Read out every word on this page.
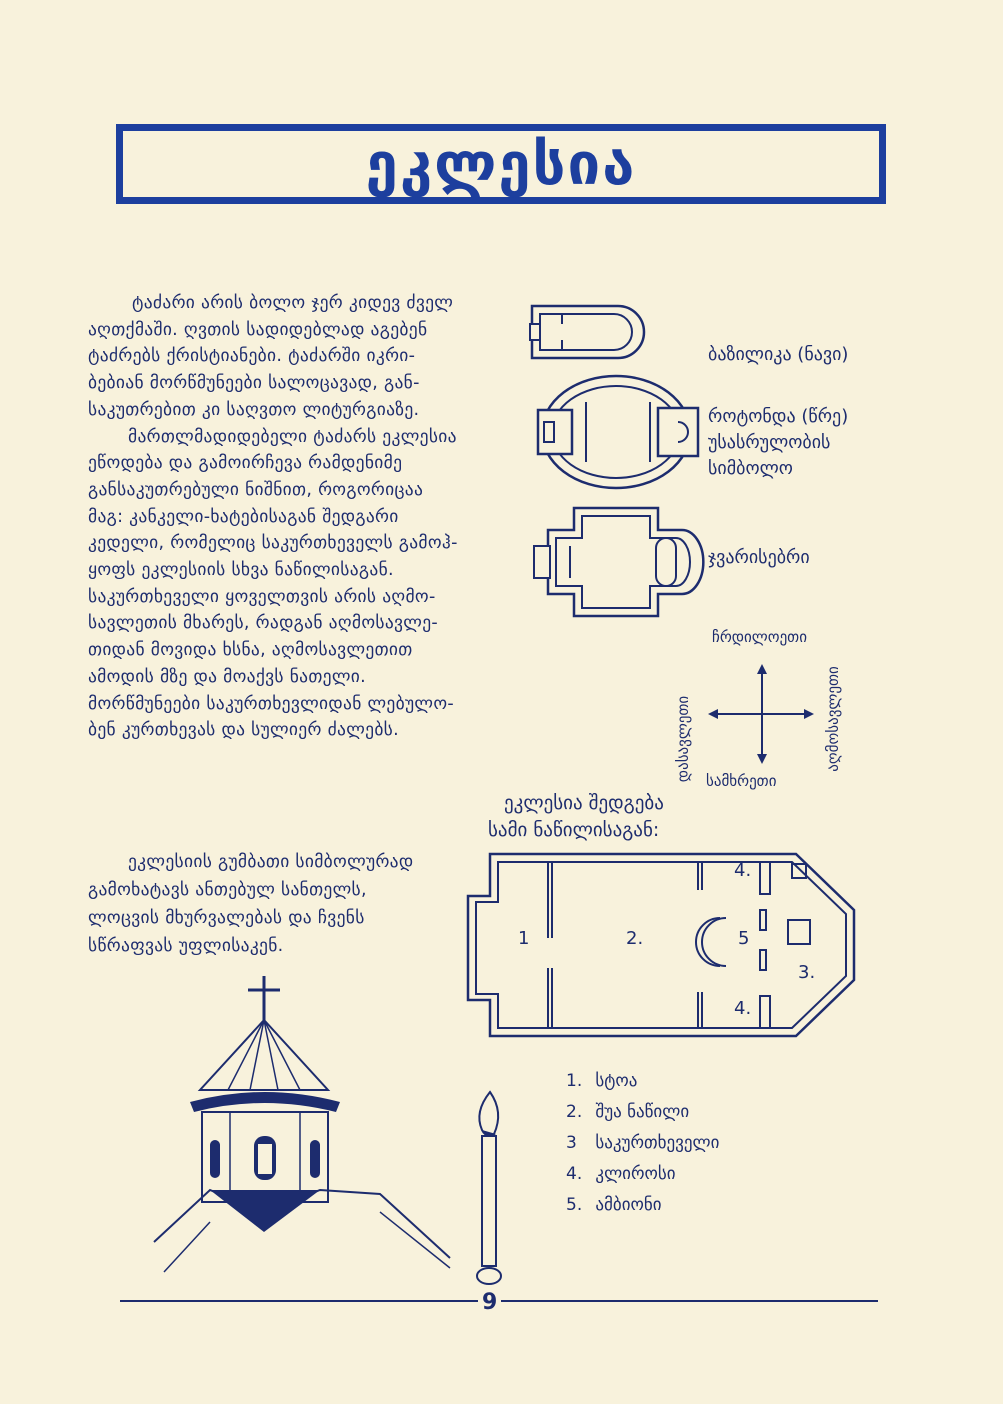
ეკლესია

ტაძარი არის ბოლო ჯერ კიდევ ძველ

აღთქმაში. ღვთის სადიდებლად აგებენ

ტაძრებს ქრისტიანები. ტაძარში იკრი-

ბებიან მორწმუნეები სალოცავად, გან-

საკუთრებით კი საღვთო ლიტურგიაზე.

მართლმადიდებელი ტაძარს ეკლესია

ეწოდება და გამოირჩევა რამდენიმე

განსაკუთრებული ნიშნით, როგორიცაა

მაგ: კანკელი-ხატებისაგან შედგარი

კედელი, რომელიც საკურთხეველს გამოჰ-

ყოფს ეკლესიის სხვა ნაწილისაგან.

საკურთხეველი ყოველთვის არის აღმო-

სავლეთის მხარეს, რადგან აღმოსავლე-

თიდან მოვიდა ხსნა, აღმოსავლეთით

ამოდის მზე და მოაქვს ნათელი.

მორწმუნეები საკურთხევლიდან ლებულო-

ბენ კურთხევას და სულიერ ძალებს.

ეკლესიის გუმბათი სიმბოლურად

გამოხატავს ანთებულ სანთელს,

ლოცვის მხურვალებას და ჩვენს

სწრაფვას უფლისაკენ.

ბაზილიკა (ნავი)
როტონდა (წრე)
უსასრულობის
სიმბოლო
ჯვარისებრი
ჩრდილოეთი
სამხრეთი
დასავლეთი	აღმოსავლეთი
ეკლესია შედგება
სამი ნაწილისაგან:
1	2.
3.
4.
4.
5
1. სტოა
2. შუა ნაწილი
3 საკურთხეველი
4. კლიროსი
5. ამბიონი
9
